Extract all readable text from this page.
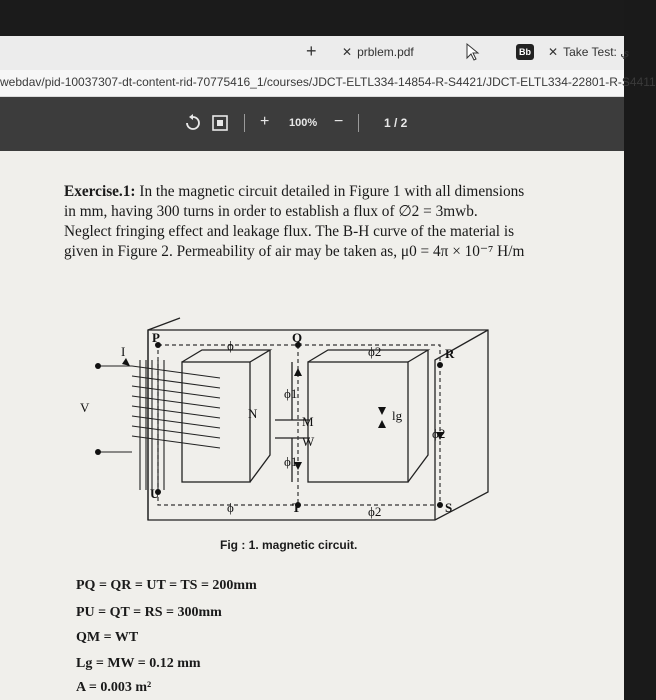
+ ✕ prblem.pdf	Bb ✕ Take Test: ي
webdav/pid-10037307-dt-content-rid-70775416_1/courses/JDCT-ELTL334-14854-R-S4421/JDCT-ELTL334-22801-R-S4411
+ 100% −	1 / 2
Exercise.1: In the magnetic circuit detailed in Figure 1 with all dimensions
in mm, having 300 turns in order to establish a flux of ∅2 = 3mwb.
Neglect fringing effect and leakage flux. The B-H curve of the material is
given in Figure 2. Permeability of air may be taken as, μ0 = 4π × 10⁻⁷ H/m
P	Q
R
S
T
U
M
W
I
V	N
ϕ
ϕ
ϕ1
ϕ1
ϕ2
ϕ2
ϕ2
lg
Fig : 1. magnetic circuit.
PQ = QR = UT = TS = 200mm
PU = QT = RS = 300mm
QM = WT
Lg = MW = 0.12 mm
A = 0.003 m²
